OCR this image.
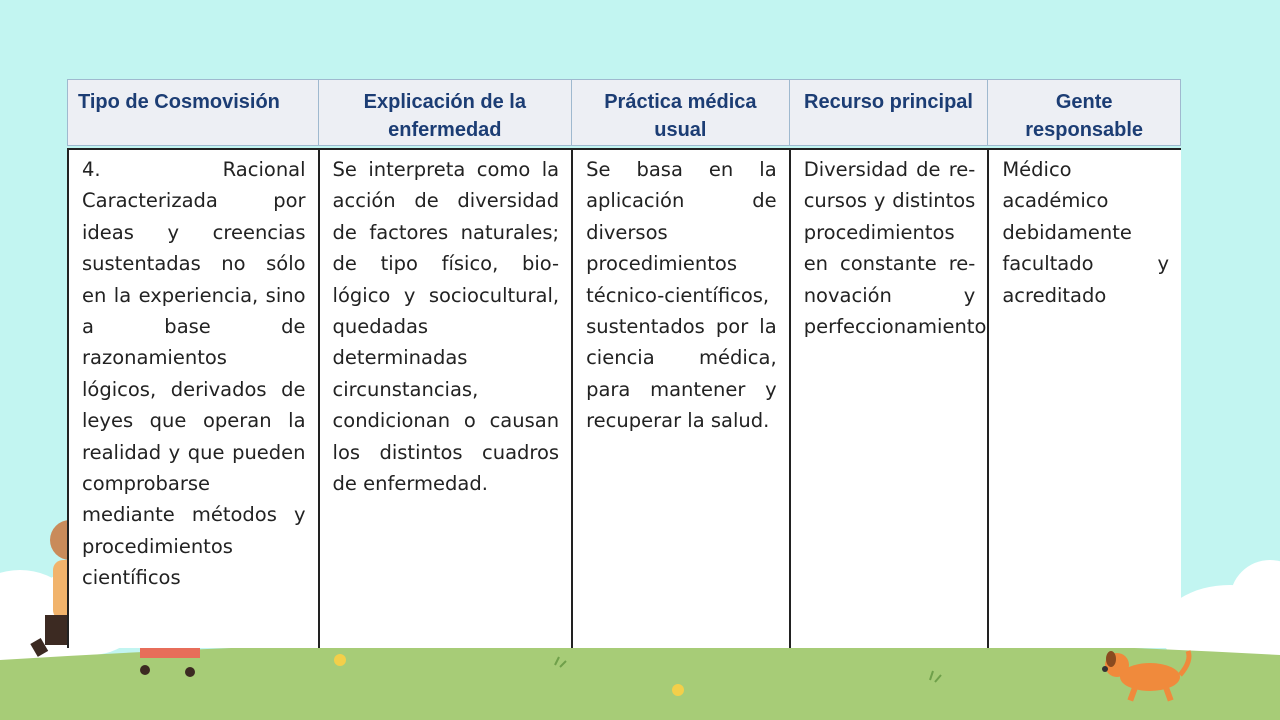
Tipo de Cosmovisión	Explicación de la enfermedad
Práctica médica usual
Recurso principal	Gente responsable
4. Racional Caracterizada por ideas y creencias sustentadas no sólo en la experiencia, sino a base de razonamientos lógicos, derivados de leyes que operan la realidad y que pueden comprobarse mediante métodos y procedimientos científicos
Se interpreta como la acción de diversidad de factores naturales; de tipo físico, bio-lógico y sociocultural, quedadas determinadas circunstancias, condicionan o causan los distintos cuadros de enfermedad.
Se basa en la aplicación de diversos procedimientos técnico-científicos, sustentados por la ciencia médica, para mantener y recuperar la salud.
Diversidad de re-cursos y distintos procedimientos en constante re-novación y perfeccionamiento
Médico académico debidamente facultado y acreditado
